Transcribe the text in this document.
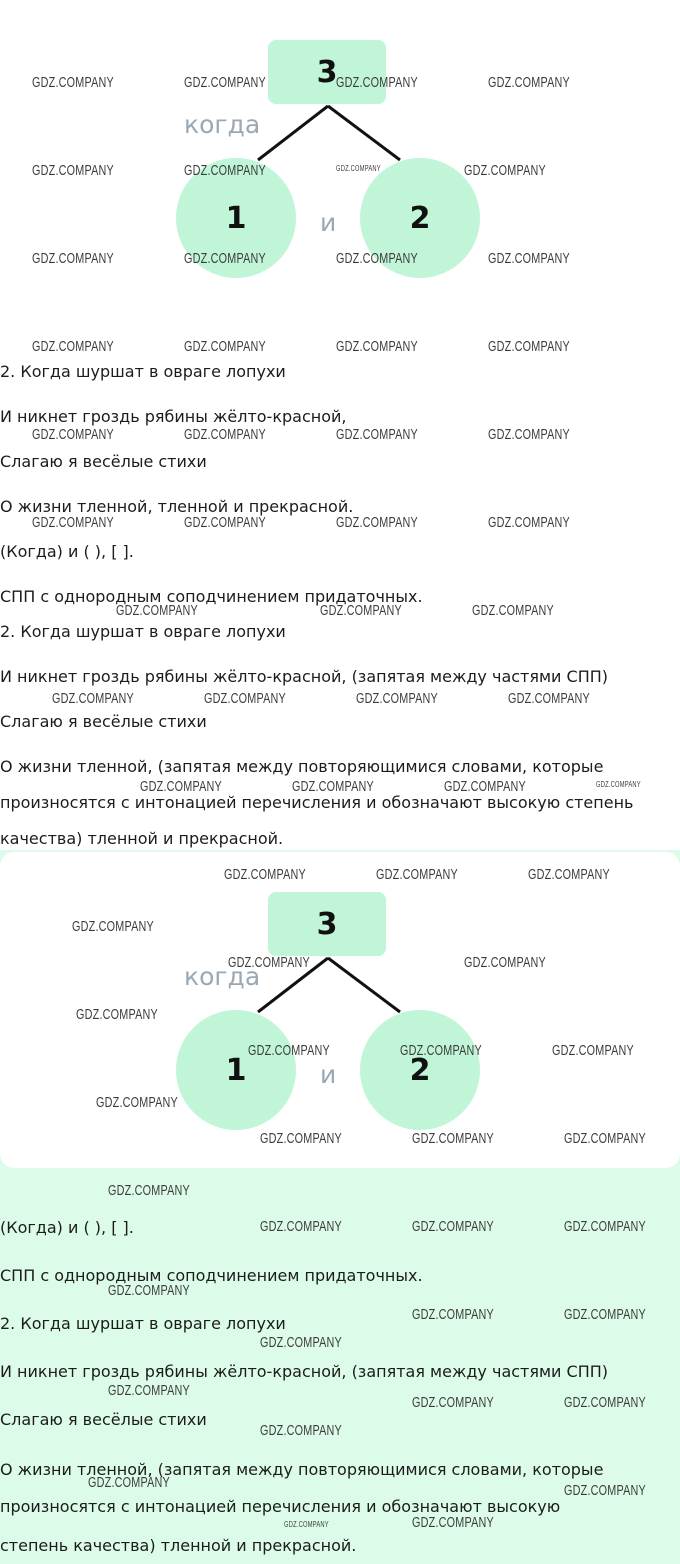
3
когда
1	и	2
2. Когда шуршат в овраге лопухи
И никнет гроздь рябины жёлто-красной,
Слагаю я весёлые стихи
О жизни тленной, тленной и прекрасной.
(Когда) и ( ), [ ].
СПП с однородным соподчинением придаточных.
2. Когда шуршат в овраге лопухи
И никнет гроздь рябины жёлто-красной, (запятая между частями СПП)
Слагаю я весёлые стихи
О жизни тленной, (запятая между повторяющимися словами, которые
произносятся с интонацией перечисления и обозначают высокую степень
качества) тленной и прекрасной.
3
когда
1	и	2
(Когда) и ( ), [ ].
СПП с однородным соподчинением придаточных.
2. Когда шуршат в овраге лопухи
И никнет гроздь рябины жёлто-красной, (запятая между частями СПП)
Слагаю я весёлые стихи
О жизни тленной, (запятая между повторяющимися словами, которые
произносятся с интонацией перечисления и обозначают высокую
степень качества) тленной и прекрасной.
GDZ.COMPANY	GDZ.COMPANY	GDZ.COMPANY	GDZ.COMPANY
GDZ.COMPANY	GDZ.COMPANY	GDZ.COMPANY	GDZ.COMPANY
GDZ.COMPANY	GDZ.COMPANY	GDZ.COMPANY	GDZ.COMPANY
GDZ.COMPANY	GDZ.COMPANY	GDZ.COMPANY	GDZ.COMPANY
GDZ.COMPANY	GDZ.COMPANY	GDZ.COMPANY	GDZ.COMPANY
GDZ.COMPANY	GDZ.COMPANY	GDZ.COMPANY	GDZ.COMPANY
GDZ.COMPANY	GDZ.COMPANY	GDZ.COMPANY
GDZ.COMPANY	GDZ.COMPANY	GDZ.COMPANY	GDZ.COMPANY
GDZ.COMPANY	GDZ.COMPANY	GDZ.COMPANY	GDZ.COMPANY
GDZ.COMPANY	GDZ.COMPANY	GDZ.COMPANY
GDZ.COMPANY
GDZ.COMPANY	GDZ.COMPANY
GDZ.COMPANY
GDZ.COMPANY	GDZ.COMPANY	GDZ.COMPANY
GDZ.COMPANY
GDZ.COMPANY	GDZ.COMPANY	GDZ.COMPANY
GDZ.COMPANY
GDZ.COMPANY	GDZ.COMPANY	GDZ.COMPANY
GDZ.COMPANY
GDZ.COMPANY	GDZ.COMPANY
GDZ.COMPANY
GDZ.COMPANY
GDZ.COMPANY	GDZ.COMPANY
GDZ.COMPANY
GDZ.COMPANY	GDZ.COMPANY
GDZ.COMPANY
GDZ.COMPANY
